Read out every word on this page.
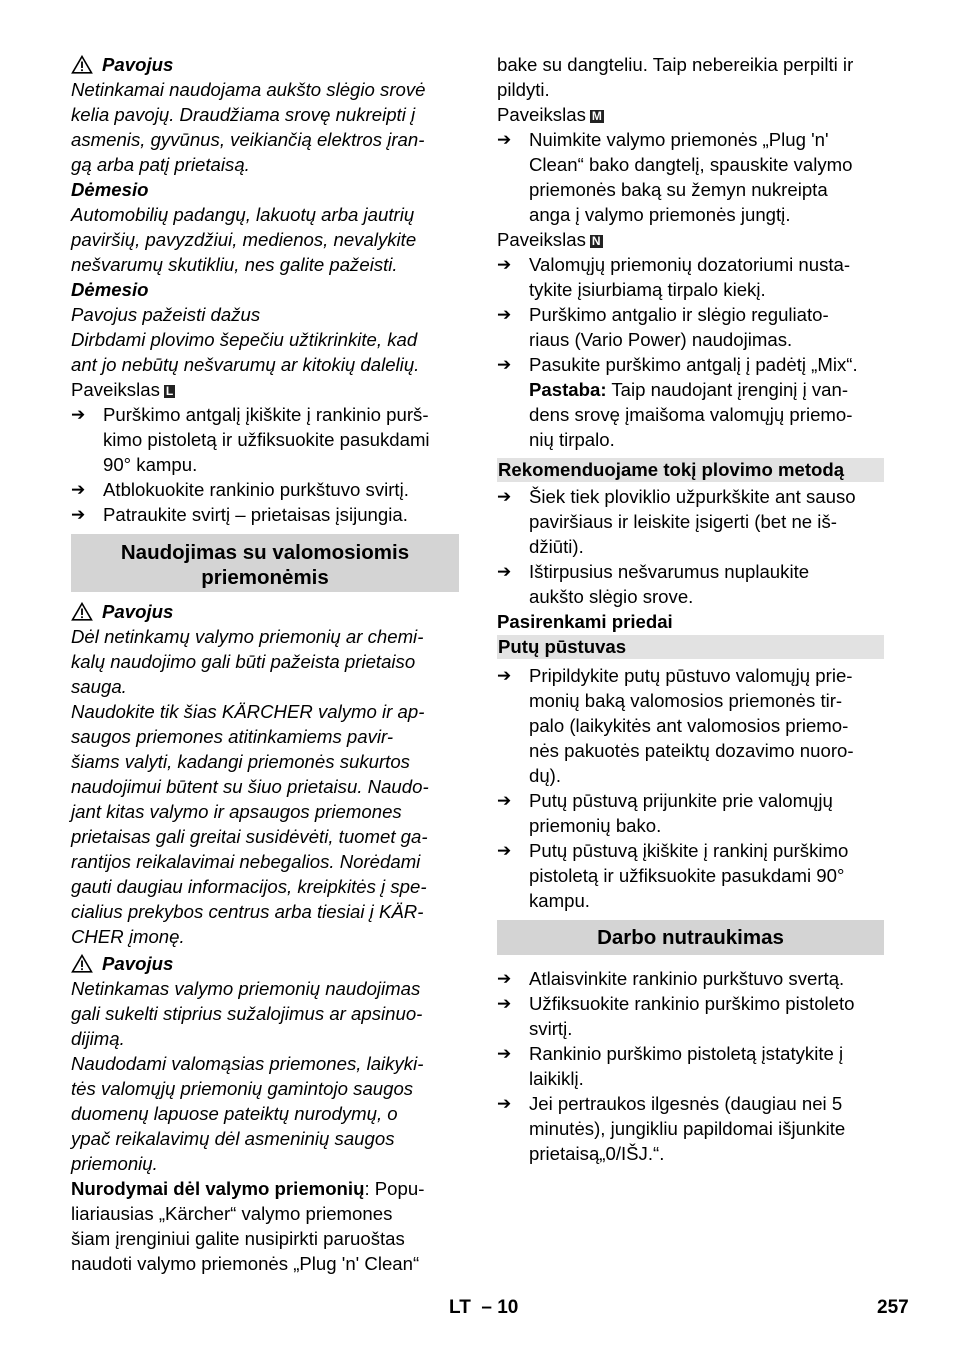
Pavojus

Netinkamai naudojama aukšto slėgio srovė

kelia pavojų. Draudžiama srovę nukreipti į

asmenis, gyvūnus, veikiančią elektros įran-

gą arba patį prietaisą.

Dėmesio

Automobilių padangų, lakuotų arba jautrių

paviršių, pavyzdžiui, medienos, nevalykite

nešvarumų skutikliu, nes galite pažeisti.

Dėmesio

Pavojus pažeisti dažus

Dirbdami plovimo šepečiu užtikrinkite, kad

ant jo nebūtų nešvarumų ar kitokių dalelių.

Paveikslas L

➔ Purškimo antgalį įkiškite į rankinio purš-

kimo pistoletą ir užfiksuokite pasukdami

90° kampu.

➔ Atblokuokite rankinio purkštuvo svirtį.

➔ Patraukite svirtį – prietaisas įsijungia.

Naudojimas su valomosiomis

priemonėmis

Pavojus

Dėl netinkamų valymo priemonių ar chemi-

kalų naudojimo gali būti pažeista prietaiso

sauga.

Naudokite tik šias KÄRCHER valymo ir ap-

saugos priemones atitinkamiems pavir-

šiams valyti, kadangi priemonės sukurtos

naudojimui būtent su šiuo prietaisu. Naudo-

jant kitas valymo ir apsaugos priemones

prietaisas gali greitai susidėvėti, tuomet ga-

rantijos reikalavimai nebegalios. Norėdami

gauti daugiau informacijos, kreipkitės į spe-

cialius prekybos centrus arba tiesiai į KÄR-

CHER įmonę.

Pavojus

Netinkamas valymo priemonių naudojimas

gali sukelti stiprius sužalojimus ar apsinuo-

dijimą.

Naudodami valomąsias priemones, laikyki-

tės valomųjų priemonių gamintojo saugos

duomenų lapuose pateiktų nurodymų, o

ypač reikalavimų dėl asmeninių saugos

priemonių.

Nurodymai dėl valymo priemonių: Popu-

liariausias „Kärcher“ valymo priemones

šiam įrenginiui galite nusipirkti paruoštas

naudoti valymo priemonės „Plug 'n' Clean“

bake su dangteliu. Taip nebereikia perpilti ir

pildyti.

Paveikslas M

➔ Nuimkite valymo priemonės „Plug 'n'

Clean“ bako dangtelį, spauskite valymo

priemonės baką su žemyn nukreipta

anga į valymo priemonės jungtį.

Paveikslas N

➔ Valomųjų priemonių dozatoriumi nusta-

tykite įsiurbiamą tirpalo kiekį.

➔ Purškimo antgalio ir slėgio reguliato-

riaus (Vario Power) naudojimas.

➔ Pasukite purškimo antgalį į padėtį „Mix“.

Pastaba: Taip naudojant įrenginį į van-

dens srovę įmaišoma valomųjų priemo-

nių tirpalo.

Rekomenduojame tokį plovimo metodą

➔ Šiek tiek ploviklio užpurkškite ant sauso

paviršiaus ir leiskite įsigerti (bet ne iš-

džiūti).

➔ Ištirpusius nešvarumus nuplaukite

aukšto slėgio srove.

Pasirenkami priedai

Putų pūstuvas

➔ Pripildykite putų pūstuvo valomųjų prie-

monių baką valomosios priemonės tir-

palo (laikykitės ant valomosios priemo-

nės pakuotės pateiktų dozavimo nuoro-

dų).

➔ Putų pūstuvą prijunkite prie valomųjų

priemonių bako.

➔ Putų pūstuvą įkiškite į rankinį purškimo

pistoletą ir užfiksuokite pasukdami 90°

kampu.

Darbo nutraukimas

➔ Atlaisvinkite rankinio purkštuvo svertą.

➔ Užfiksuokite rankinio purškimo pistoleto

svirtį.

➔ Rankinio purškimo pistoletą įstatykite į

laikiklį.

➔ Jei pertraukos ilgesnės (daugiau nei 5

minutės), jungikliu papildomai išjunkite

prietaisą„0/IŠJ.“.

LT – 10	257
